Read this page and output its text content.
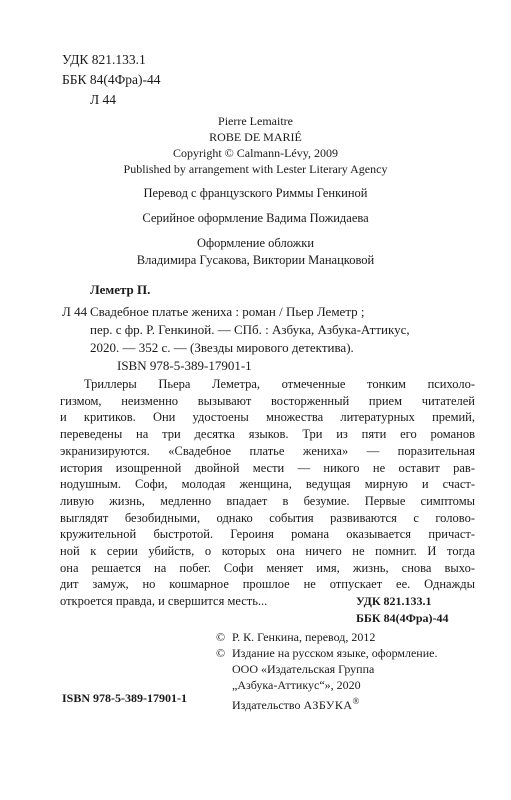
УДК 821.133.1
ББК 84(4Фра)-44
Л 44
Pierre Lemaitre
ROBE DE MARIÉ
Copyright © Calmann-Lévy, 2009
Published by arrangement with Lester Literary Agency
Перевод с французского Риммы Генкиной
Серийное оформление Вадима Пожидаева
Оформление обложки
Владимира Гусакова, Виктории Манацковой
Леметр П.
Л 44 Свадебное платье жениха : роман / Пьер Леметр ;
пер. с фр. Р. Генкиной. — СПб. : Азбука, Азбука-Аттикус,
2020. — 352 с. — (Звезды мирового детектива).
ISBN 978-5-389-17901-1
Триллеры Пьера Леметра, отмеченные тонким психоло-
гизмом, неизменно вызывают восторженный прием читателей
и критиков. Они удостоены множества литературных премий,
переведены на три десятка языков. Три из пяти его романов
экранизируются. «Свадебное платье жениха» — поразительная
история изощренной двойной мести — никого не оставит рав-
нодушным. Софи, молодая женщина, ведущая мирную и счаст-
ливую жизнь, медленно впадает в безумие. Первые симптомы
выглядят безобидными, однако события развиваются с голово-
кружительной быстротой. Героиня романа оказывается причаст-
ной к серии убийств, о которых она ничего не помнит. И тогда
она решается на побег. Софи меняет имя, жизнь, снова выхо-
дит замуж, но кошмарное прошлое не отпускает ее. Однажды
откроется правда, и свершится месть...	УДК 821.133.1
ББК 84(4Фра)-44
© Р. К. Генкина, перевод, 2012
© Издание на русском языке, оформление.
ООО «Издательская Группа
„Азбука-Аттикус“», 2020
Издательство АЗБУКА®
ISBN 978-5-389-17901-1
